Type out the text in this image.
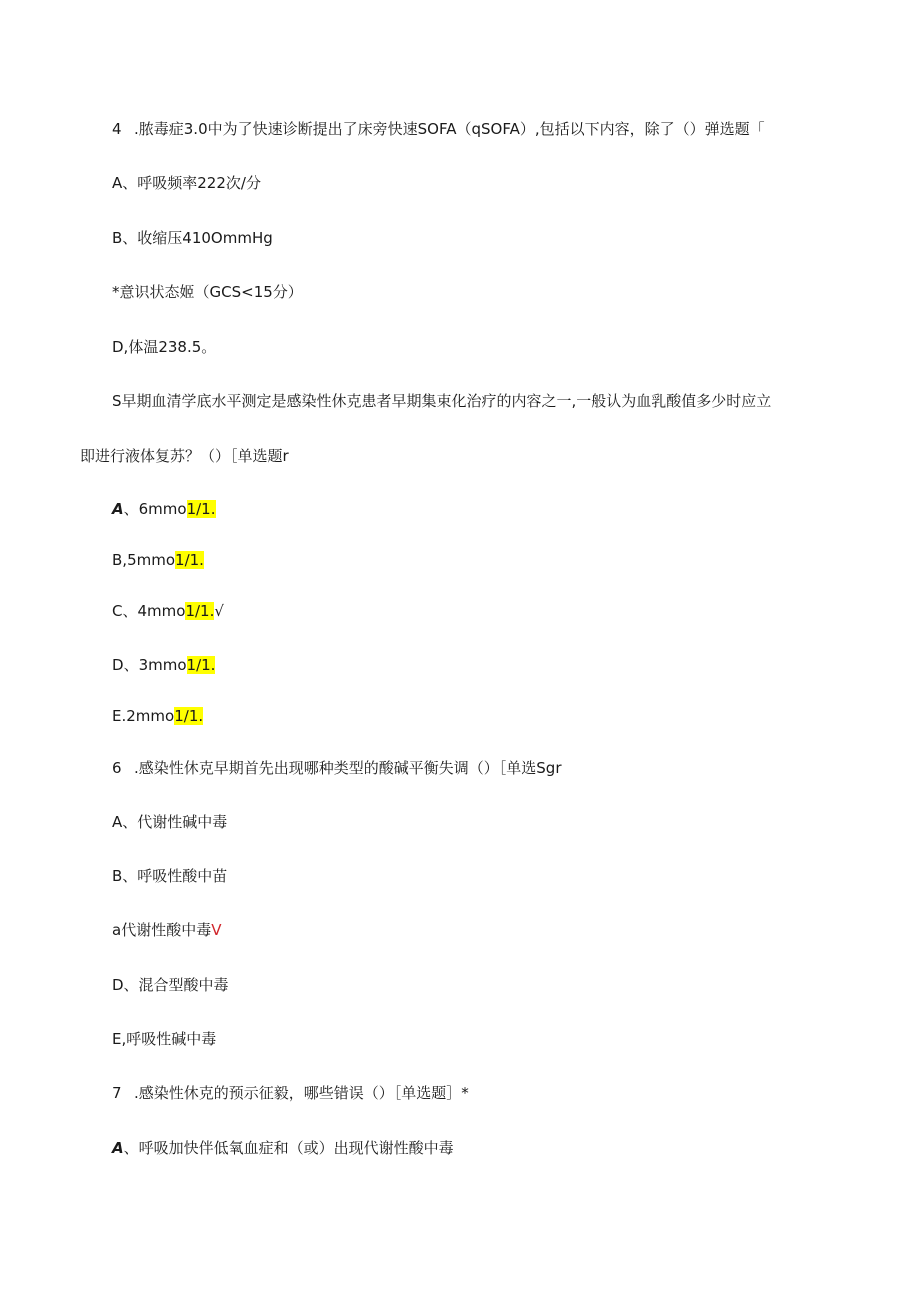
4 .脓毒症3.0中为了快速诊断提出了床旁快速SOFA（qSOFA）,包括以下内容，除了（）弹选题「
A、呼吸频率222次/分
B、收缩压410OmmHg
*意识状态姬（GCS<15分）
D,体温238.5。
S早期血清学底水平测定是感染性休克患者早期集束化治疗的内容之一,一般认为血乳酸值多少时应立
即进行液体复苏？（）［单选题r
A、6mmo1∕1.
B,5mmo1∕1.
C、4mmo1∕1.√
D、3mmo1∕1.
E.2mmo1∕1.
6 .感染性休克早期首先出现哪种类型的酸碱平衡失调（）［单选Sgr
A、代谢性碱中毒
B、呼吸性酸中苗
a代谢性酸中毒V
D、混合型酸中毒
E,呼吸性碱中毒
7 .感染性休克的预示征毅，哪些错误（）［单选题］*
A、呼吸加快伴低氧血症和（或）出现代谢性酸中毒
